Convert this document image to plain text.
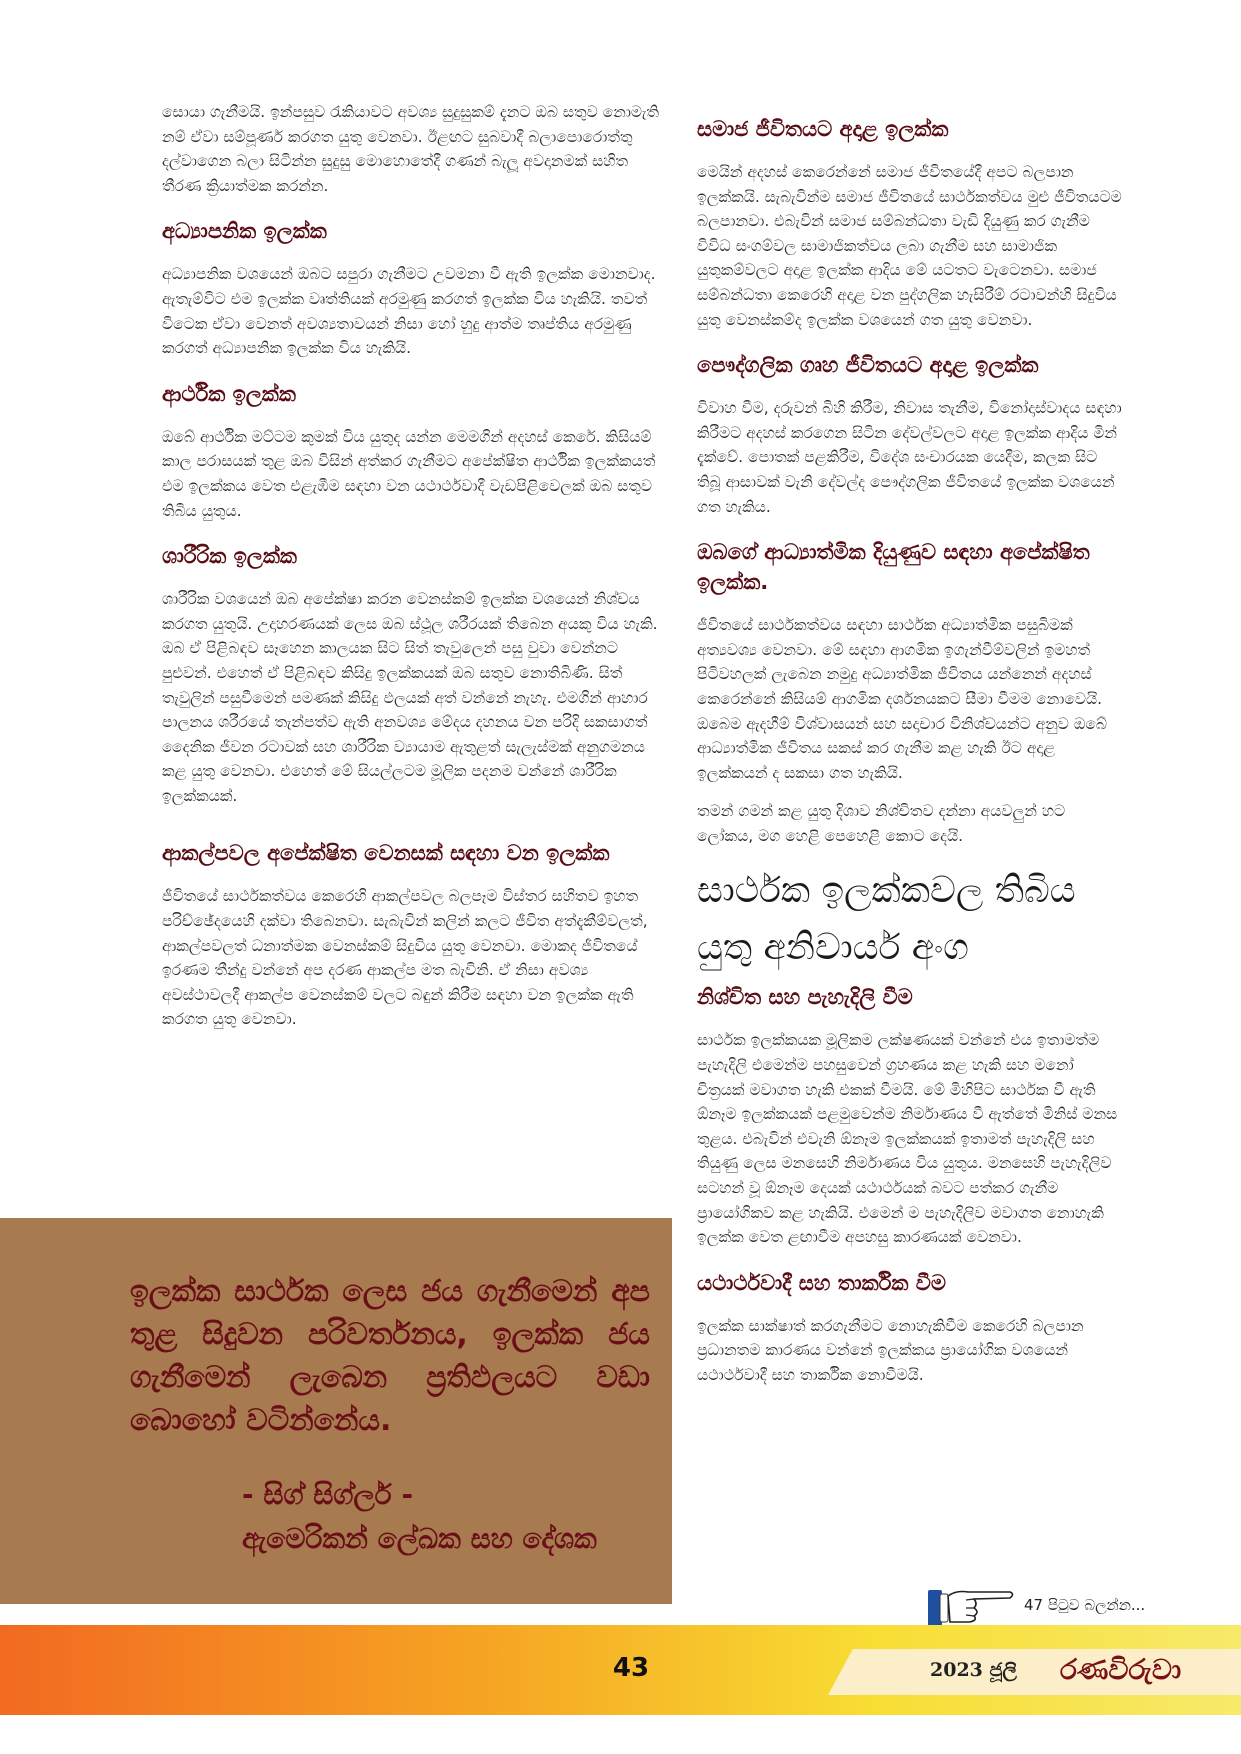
සොයා ගැනීමයි. ඉන්පසුව රැකියාවට අවශ්‍ය සුදුසුකම් දැනට ඔබ සතුව නොමැති නම් ඒවා සම්පූර්ණ කරගත යුතු වෙනවා. ඊළඟට සුබවාදී බලාපොරොත්තු දල්වාගෙන බලා සිටින්න සුදුසු මොහොතේදී ගණන් බැලූ අවදානමක් සහිත තීරණ ක්‍රියාත්මක කරන්න.

අධ්‍යාපනික ඉලක්ක

අධ්‍යාපනික වශයෙන් ඔබට සපුරා ගැනීමට උවමනා වී ඇති ඉලක්ක මොනවාද. ඇතැම්විට එම ඉලක්ක වෘත්තියක් අරමුණු කරගත් ඉලක්ක විය හැකියි. තවත් විටෙක ඒවා වෙනත් අවශ්‍යතාවයන් නිසා හෝ හුදු ආත්ම තෘප්තිය අරමුණු කරගත් අධ්‍යාපනික ඉලක්ක විය හැකියි.

ආර්ථික ඉලක්ක

ඔබේ ආර්ථික මට්ටම කුමක් විය යුතුද යන්න මෙමගින් අදහස් කෙරේ. කිසියම් කාල පරාසයක් තුළ ඔබ විසින් අත්කර ගැනීමට අපේක්ෂිත ආර්ථික ඉලක්කයත් එම ඉලක්කය වෙත එළැඹීම සඳහා වන යථාර්ථවාදී වැඩපිළිවෙලක් ඔබ සතුව තිබිය යුතුය.

ශාරීරික ඉලක්ක

ශාරීරික වශයෙන් ඔබ අපේක්ෂා කරන වෙනස්කම් ඉලක්ක වශයෙන් නිශ්චය කරගත යුතුයි. උදාහරණයක් ලෙස ඔබ ස්ථූල ශරීරයක් තිබෙන අයකු විය හැකි. ඔබ ඒ පිළිබඳව සෑහෙන කාලයක සිට සිත් තැවුලෙන් පසු වුවා වෙන්නට පුළුවන්. එහෙත් ඒ පිළිබඳව කිසිදු ඉලක්කයක් ඔබ සතුව නොතිබිණි. සිත් තැවුලින් පසුවීමෙන් පමණක් කිසිදු ඵලයක් අත් වන්නේ නැහැ. එමගින් ආහාර පාලනය ශරීරයේ තැන්පත්ව ඇති අනවශ්‍ය මේදය දහනය වන පරිදි සකසාගත් දෛනික ජීවන රටාවක් සහ ශාරීරික ව්‍යායාම ඇතුළත් සැලැස්මක් අනුගමනය කළ යුතු වෙනවා. එහෙත් මේ සියල්ලටම මූලික පදනම වන්නේ ශාරීරික ඉලක්කයක්.

ආකල්පවල අපේක්ෂිත වෙනසක් සඳහා වන ඉලක්ක

ජීවිතයේ සාර්ථකත්වය කෙරෙහි ආකල්පවල බලපෑම විස්තර සහිතව ඉහත පරිච්ඡේදයෙහි දක්වා තිබෙනවා. සැබැවින් කලින් කලට ජීවිත අත්දැකීම්වලත්, ආකල්පවලත් ධනාත්මක වෙනස්කම් සිදුවිය යුතු වෙනවා. මොකද ජීවිතයේ ඉරණම තීන්දු වන්නේ අප දරණ ආකල්ප මත බැවිනි. ඒ නිසා අවශ්‍ය අවස්ථාවලදී ආකල්ප වෙනස්කම් වලට බඳුන් කිරීම සඳහා වන ඉලක්ක ඇති කරගත යුතු වෙනවා.

සමාජ ජීවිතයට අදාළ ඉලක්ක

මෙයින් අදහස් කෙරෙන්නේ සමාජ ජීවිතයේදී අපට බලපාන ඉලක්කයි. සැබැවින්ම සමාජ ජීවිතයේ සාර්ථකත්වය මුළු ජීවිතයටම බලපානවා. එබැවින් සමාජ සම්බන්ධතා වැඩි දියුණු කර ගැනීම විවිධ සංගම්වල සාමාජිකත්වය ලබා ගැනීම සහ සාමාජික යුතුකම්වලට අදාළ ඉලක්ක ආදිය මේ යටතට වැටෙනවා. සමාජ සම්බන්ධතා කෙරෙහි අදාළ වන පුද්ගලික හැසිරීම් රටාවන්හි සිදුවිය යුතු වෙනස්කම්ද ඉලක්ක වශයෙන් ගත යුතු වෙනවා.

පෞද්ගලික ගෘහ ජීවිතයට අදාළ ඉලක්ක

විවාහ වීම, දරුවන් බිහි කිරීම, නිවාස තැනීම, විනෝදාස්වාදය සඳහා කිරීමට අදහස් කරගෙන සිටින දේවල්වලට අදාළ ඉලක්ක ආදිය මින් දැක්වේ. පොතක් පළකිරීම, විදේශ සංචාරයක යෙදීම, කලක සිට තිබූ ආසාවක් වැනි දේවල්ද පෞද්ගලික ජීවිතයේ ඉලක්ක වශයෙන් ගත හැකිය.

ඔබගේ ආධ්‍යාත්මික දියුණුව සඳහා අපේක්ෂිත ඉලක්ක.

ජීවිතයේ සාර්ථකත්වය සඳහා සාර්ථක අධ්‍යාත්මික පසුබිමක් අත්‍යවශ්‍ය වෙනවා. මේ සඳහා ආගමික ඉගැන්වීම්වලින් ඉමහත් පිටිවහලක් ලැබෙන නමුදු අධ්‍යාත්මික ජීවිතය යන්නෙන් අදහස් කෙරෙන්නේ කිසියම් ආගමික දර්ශනයකට සීමා වීමම නොවෙයි. ඔබෙම ඇදහීම් විශ්වාසයන් සහ සදාචාර විනිශ්චයන්ට අනුව ඔබේ ආධ්‍යාත්මික ජීවිතය සකස් කර ගැනීම කළ හැකි ඊට අදාළ ඉලක්කයන් ද සකසා ගත හැකියි.

තමන් ගමන් කළ යුතු දිශාව නිශ්චිතව දන්නා අයවලුන් හට ලෝකය, මග හෙළි පෙහෙළි කොට දෙයි.

සාර්ථක ඉලක්කවල තිබිය යුතු අනිවාර්ය අංග
නිශ්චිත සහ පැහැදිලි වීම

සාර්ථක ඉලක්කයක මූලිකම ලක්ෂණයක් වන්නේ එය ඉතාමත්ම පැහැදිලි එමෙන්ම පහසුවෙන් ග්‍රහණය කළ හැකි සහ මනෝ චිත්‍රයක් මවාගත හැකි එකක් වීමයි. මේ මිහිපිට සාර්ථක වී ඇති ඕනෑම ඉලක්කයක් පළමුවෙන්ම නිර්මාණය වී ඇත්තේ මිනිස් මනස තුළය. එබැවින් එවැනි ඕනෑම ඉලක්කයක් ඉතාමත් පැහැදිලි සහ තියුණු ලෙස මනසෙහි නිර්මාණය විය යුතුය. මනසෙහි පැහැදිලිව සටහන් වූ ඕනෑම දෙයක් යථාර්ථයක් බවට පත්කර ගැනීම ප්‍රායෝගිකව කළ හැකියි. එමෙන් ම පැහැදිලිව මවාගත නොහැකි ඉලක්ක වෙත ළඟාවීම අපහසු කාරණයක් වෙනවා.

යථාර්ථවාදී සහ තාර්කික වීම

ඉලක්ක සාක්ෂාත් කරගැනීමට නොහැකිවීම කෙරෙහි බලපාන ප්‍රධානතම කාරණය වන්නේ ඉලක්කය ප්‍රායෝගික වශයෙන් යථාර්ථවාදී සහ තාර්කික නොවීමයි.

ඉලක්ක සාර්ථක ලෙස ජය ගැනීමෙන් අප තුළ සිදුවන පරිවර්තනය, ඉලක්ක ජය ගැනීමෙන් ලැබෙන ප්‍රතිඵලයට වඩා බොහෝ වටින්නේය.

- සිග් සිග්ලර් -
ඇමෙරිකන් ලේඛක සහ දේශක
47 පිටුව බලන්න...
43	2023 ජූලි රණවිරුවා
